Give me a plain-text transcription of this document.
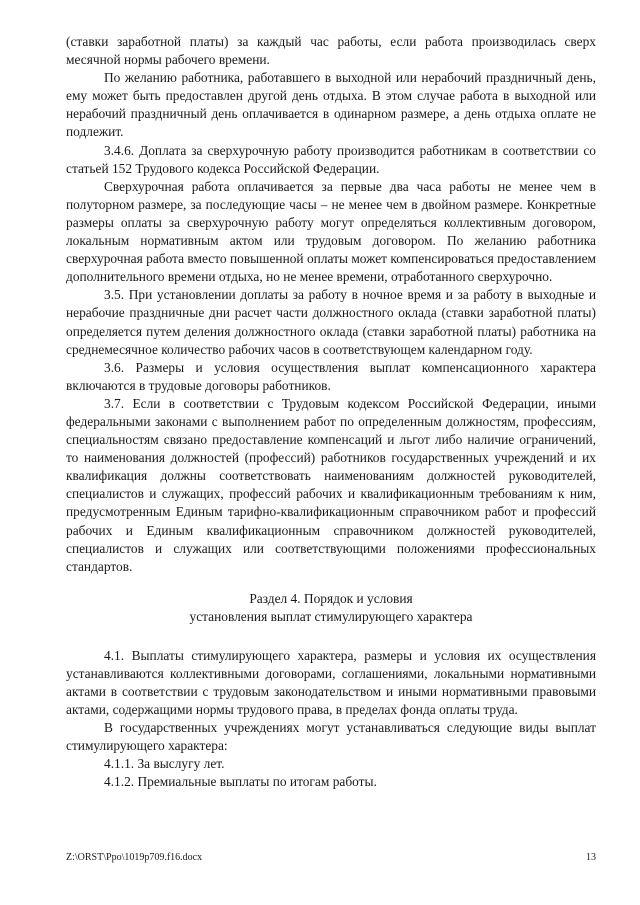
(ставки заработной платы) за каждый час работы, если работа производилась сверх месячной нормы рабочего времени.

По желанию работника, работавшего в выходной или нерабочий праздничный день, ему может быть предоставлен другой день отдыха. В этом случае работа в выходной или нерабочий праздничный день оплачивается в одинарном размере, а день отдыха оплате не подлежит.

3.4.6. Доплата за сверхурочную работу производится работникам в соответствии со статьей 152 Трудового кодекса Российской Федерации.

Сверхурочная работа оплачивается за первые два часа работы не менее чем в полуторном размере, за последующие часы – не менее чем в двойном размере. Конкретные размеры оплаты за сверхурочную работу могут определяться коллективным договором, локальным нормативным актом или трудовым договором. По желанию работника сверхурочная работа вместо повышенной оплаты может компенсироваться предоставлением дополнительного времени отдыха, но не менее времени, отработанного сверхурочно.

3.5. При установлении доплаты за работу в ночное время и за работу в выходные и нерабочие праздничные дни расчет части должностного оклада (ставки заработной платы) определяется путем деления должностного оклада (ставки заработной платы) работника на среднемесячное количество рабочих часов в соответствующем календарном году.

3.6. Размеры и условия осуществления выплат компенсационного характера включаются в трудовые договоры работников.

3.7. Если в соответствии с Трудовым кодексом Российской Федерации, иными федеральными законами с выполнением работ по определенным должностям, профессиям, специальностям связано предоставление компенсаций и льгот либо наличие ограничений, то наименования должностей (профессий) работников государственных учреждений и их квалификация должны соответствовать наименованиям должностей руководителей, специалистов и служащих, профессий рабочих и квалификационным требованиям к ним, предусмотренным Единым тарифно-квалификационным справочником работ и профессий рабочих и Единым квалификационным справочником должностей руководителей, специалистов и служащих или соответствующими положениями профессиональных стандартов.

Раздел 4. Порядок и условия

установления выплат стимулирующего характера

4.1. Выплаты стимулирующего характера, размеры и условия их осуществления устанавливаются коллективными договорами, соглашениями, локальными нормативными актами в соответствии с трудовым законодательством и иными нормативными правовыми актами, содержащими нормы трудового права, в пределах фонда оплаты труда.

В государственных учреждениях могут устанавливаться следующие виды выплат стимулирующего характера:

4.1.1. За выслугу лет.

4.1.2. Премиальные выплаты по итогам работы.

Z:\ORST\Ppo\1019p709.f16.docx	13
